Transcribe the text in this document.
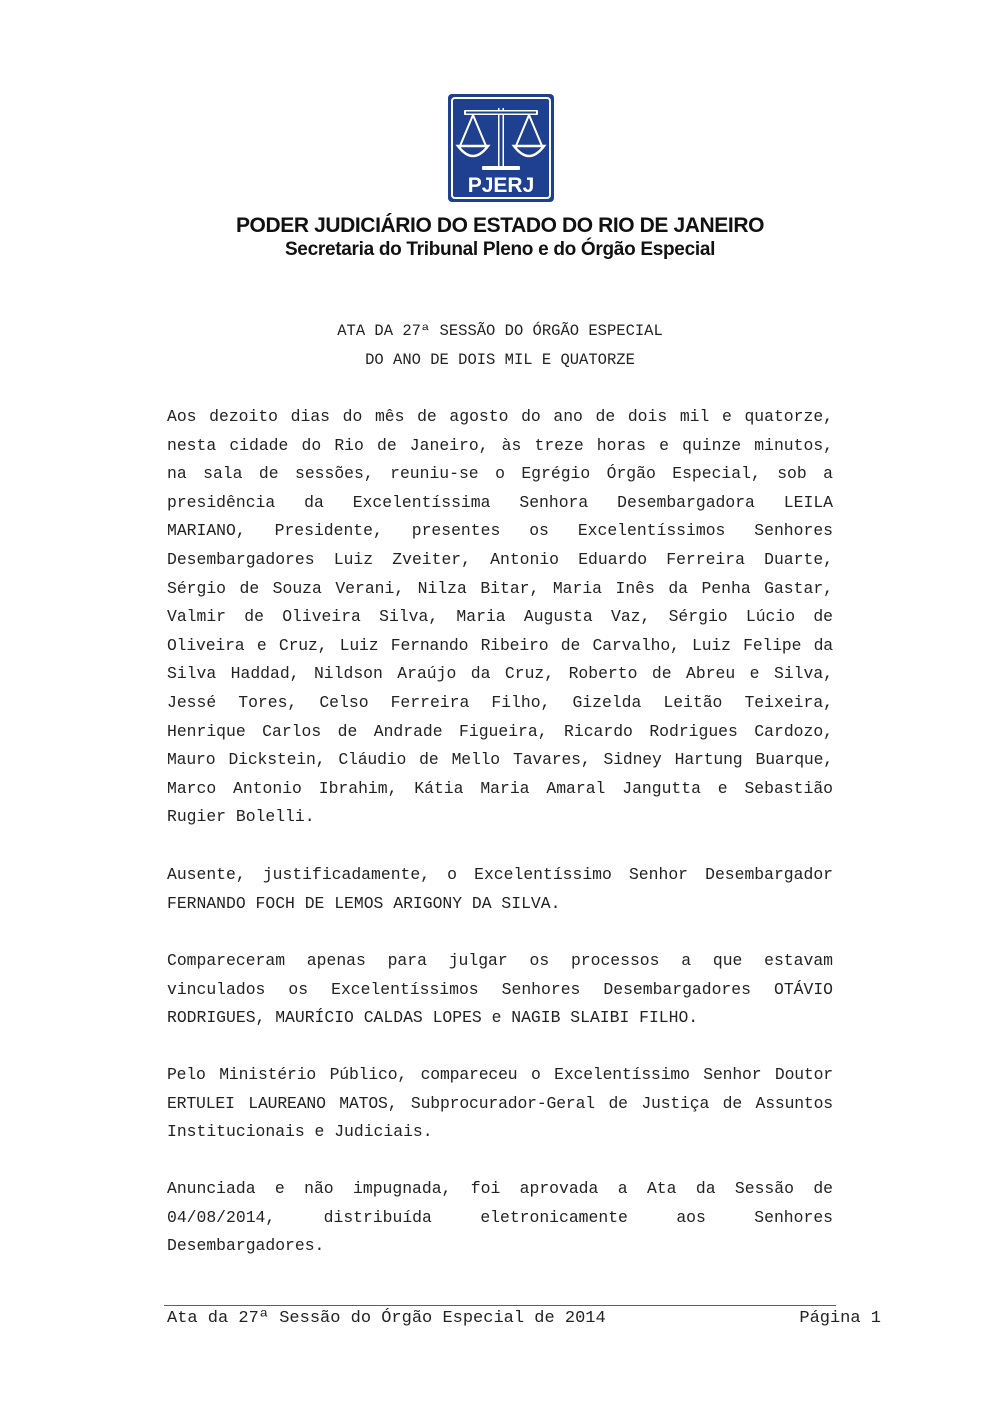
PJERJ
PODER JUDICIÁRIO DO ESTADO DO RIO DE JANEIRO
Secretaria do Tribunal Pleno e do Órgão Especial
ATA DA 27ª SESSÃO DO ÓRGÃO ESPECIAL
DO ANO DE DOIS MIL E QUATORZE
Aos dezoito dias do mês de agosto do ano de dois mil e quatorze,
nesta cidade do Rio de Janeiro, às treze horas e quinze minutos,
na sala de sessões, reuniu-se o Egrégio Órgão Especial, sob a
presidência da Excelentíssima Senhora Desembargadora LEILA
MARIANO, Presidente, presentes os Excelentíssimos Senhores
Desembargadores Luiz Zveiter, Antonio Eduardo Ferreira Duarte,
Sérgio de Souza Verani, Nilza Bitar, Maria Inês da Penha Gastar,
Valmir de Oliveira Silva, Maria Augusta Vaz, Sérgio Lúcio de
Oliveira e Cruz, Luiz Fernando Ribeiro de Carvalho, Luiz Felipe da
Silva Haddad, Nildson Araújo da Cruz, Roberto de Abreu e Silva,
Jessé Tores, Celso Ferreira Filho, Gizelda Leitão Teixeira,
Henrique Carlos de Andrade Figueira, Ricardo Rodrigues Cardozo,
Mauro Dickstein, Cláudio de Mello Tavares, Sidney Hartung Buarque,
Marco Antonio Ibrahim, Kátia Maria Amaral Jangutta e Sebastião
Rugier Bolelli.
Ausente, justificadamente, o Excelentíssimo Senhor Desembargador
FERNANDO FOCH DE LEMOS ARIGONY DA SILVA.
Compareceram apenas para julgar os processos a que estavam
vinculados os Excelentíssimos Senhores Desembargadores OTÁVIO
RODRIGUES, MAURÍCIO CALDAS LOPES e NAGIB SLAIBI FILHO.
Pelo Ministério Público, compareceu o Excelentíssimo Senhor Doutor
ERTULEI LAUREANO MATOS, Subprocurador-Geral de Justiça de Assuntos
Institucionais e Judiciais.
Anunciada e não impugnada, foi aprovada a Ata da Sessão de
04/08/2014, distribuída eletronicamente aos Senhores
Desembargadores.
Ata da 27ª Sessão do Órgão Especial de 2014	Página 1
